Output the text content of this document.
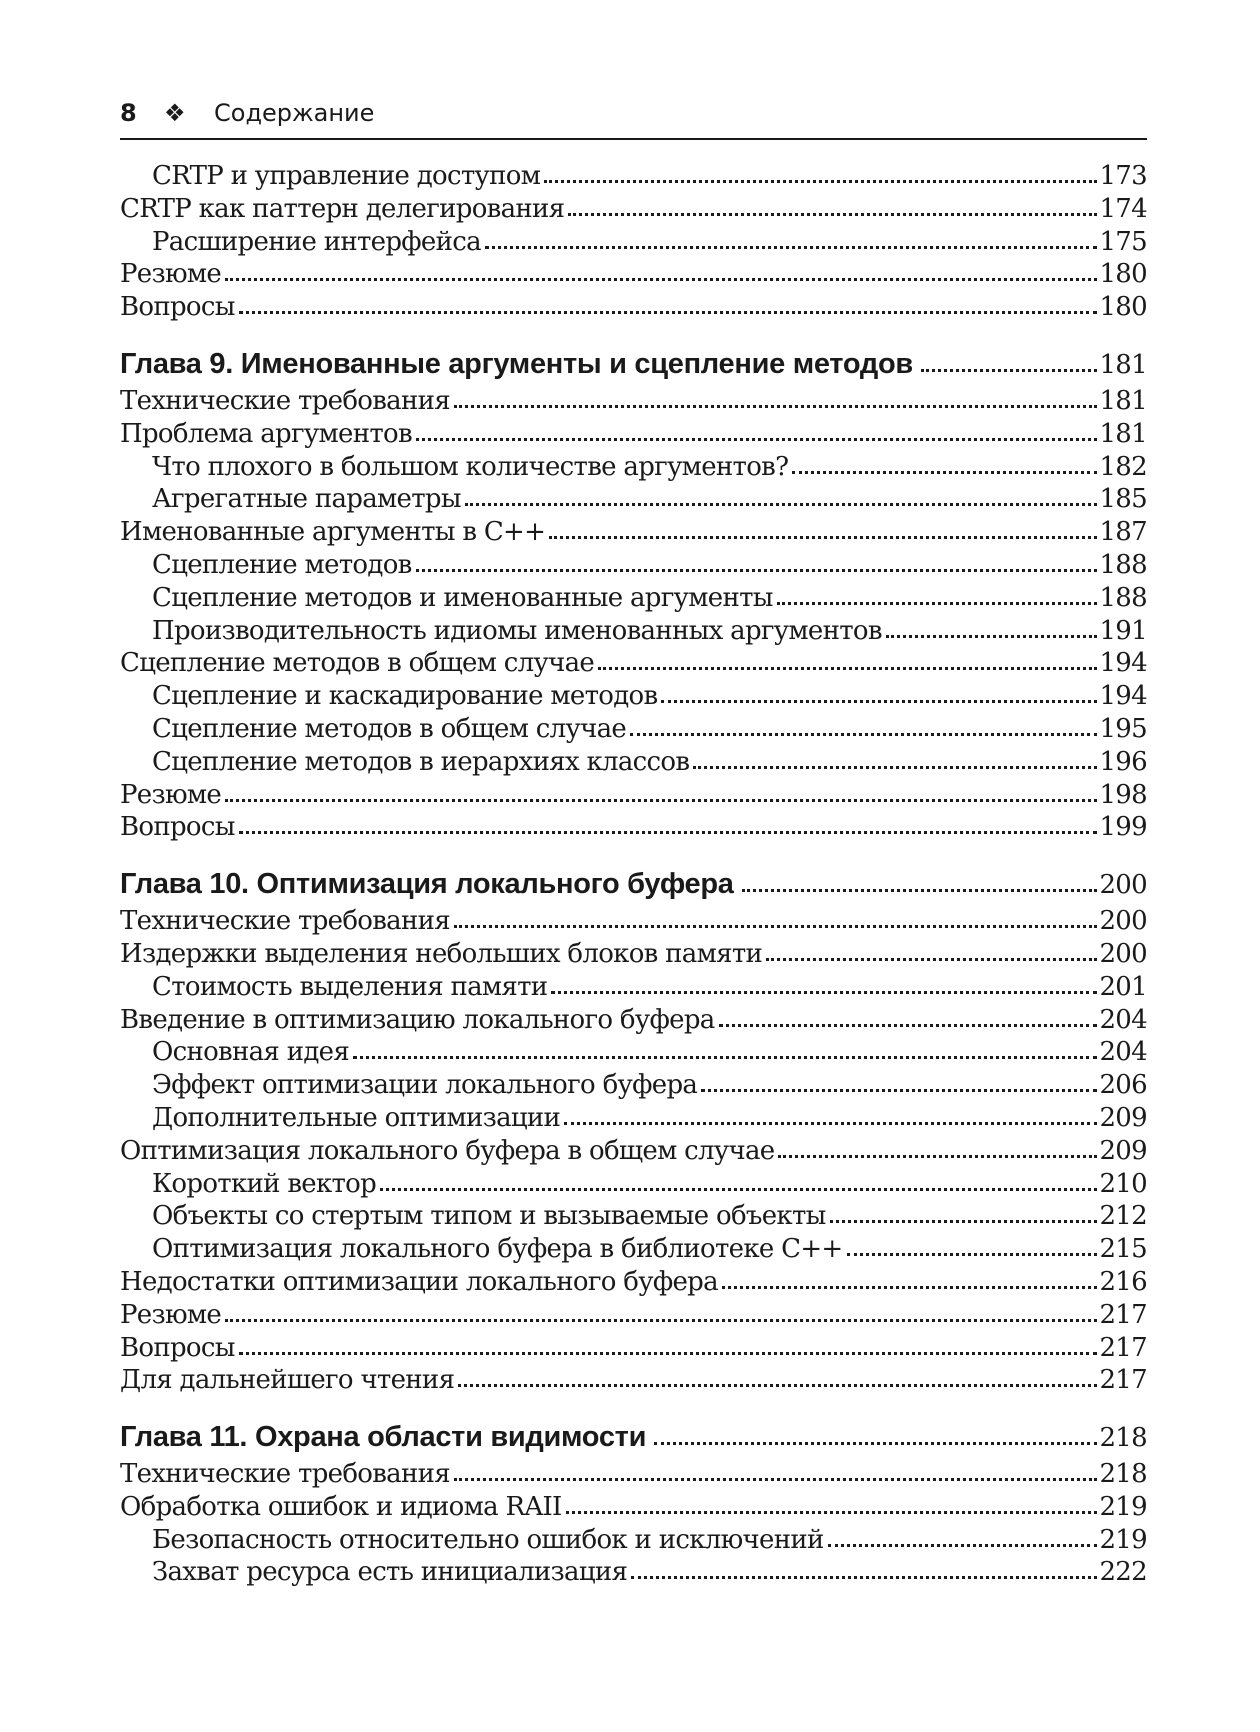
8 ❖ Содержание
CRTP и управление доступом	173
CRTP как паттерн делегирования	174
Расширение интерфейса	175
Резюме	180
Вопросы	180
Глава 9. Именованные аргументы и сцепление методов	181
Технические требования	181
Проблема аргументов	181
Что плохого в большом количестве аргументов?	182
Агрегатные параметры	185
Именованные аргументы в C++	187
Сцепление методов	188
Сцепление методов и именованные аргументы	188
Производительность идиомы именованных аргументов	191
Сцепление методов в общем случае	194
Сцепление и каскадирование методов	194
Сцепление методов в общем случае	195
Сцепление методов в иерархиях классов	196
Резюме	198
Вопросы	199
Глава 10. Оптимизация локального буфера	200
Технические требования	200
Издержки выделения небольших блоков памяти	200
Стоимость выделения памяти	201
Введение в оптимизацию локального буфера	204
Основная идея	204
Эффект оптимизации локального буфера	206
Дополнительные оптимизации	209
Оптимизация локального буфера в общем случае	209
Короткий вектор	210
Объекты со стертым типом и вызываемые объекты	212
Оптимизация локального буфера в библиотеке C++	215
Недостатки оптимизации локального буфера	216
Резюме	217
Вопросы	217
Для дальнейшего чтения	217
Глава 11. Охрана области видимости	218
Технические требования	218
Обработка ошибок и идиома RAII	219
Безопасность относительно ошибок и исключений	219
Захват ресурса есть инициализация	222
